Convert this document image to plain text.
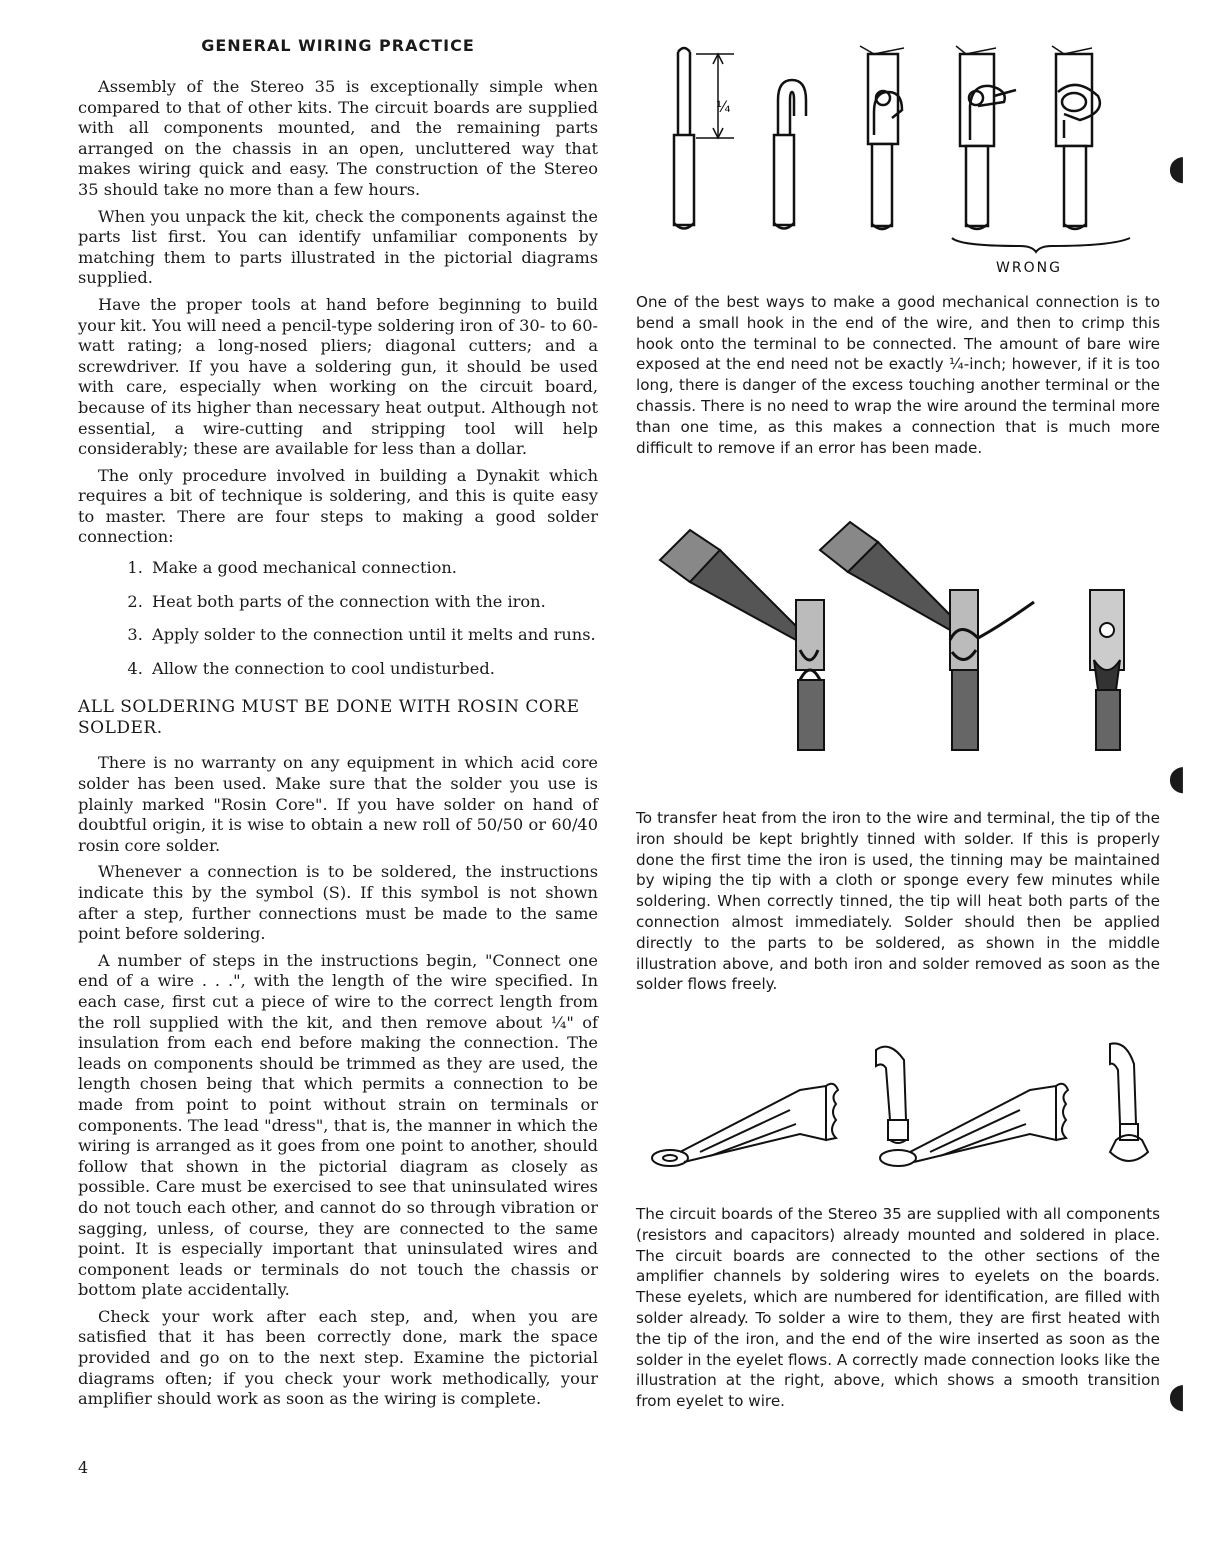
GENERAL WIRING PRACTICE

Assembly of the Stereo 35 is exceptionally simple when compared to that of other kits. The circuit boards are supplied with all components mounted, and the remaining parts arranged on the chassis in an open, uncluttered way that makes wiring quick and easy. The construction of the Stereo 35 should take no more than a few hours.

When you unpack the kit, check the components against the parts list first. You can identify unfamiliar components by matching them to parts illustrated in the pictorial diagrams supplied.

Have the proper tools at hand before beginning to build your kit. You will need a pencil-type soldering iron of 30- to 60-watt rating; a long-nosed pliers; diagonal cutters; and a screwdriver. If you have a soldering gun, it should be used with care, especially when working on the circuit board, because of its higher than necessary heat output. Although not essential, a wire-cutting and stripping tool will help considerably; these are available for less than a dollar.

The only procedure involved in building a Dynakit which requires a bit of technique is soldering, and this is quite easy to master. There are four steps to making a good solder connection:

1. Make a good mechanical connection.
2. Heat both parts of the connection with the iron.
3. Apply solder to the connection until it melts and runs.
4. Allow the connection to cool undisturbed.

ALL SOLDERING MUST BE DONE WITH ROSIN CORE SOLDER.

There is no warranty on any equipment in which acid core solder has been used. Make sure that the solder you use is plainly marked "Rosin Core". If you have solder on hand of doubtful origin, it is wise to obtain a new roll of 50/50 or 60/40 rosin core solder.

Whenever a connection is to be soldered, the instructions indicate this by the symbol (S). If this symbol is not shown after a step, further connections must be made to the same point before soldering.

A number of steps in the instructions begin, "Connect one end of a wire . . .", with the length of the wire specified. In each case, first cut a piece of wire to the correct length from the roll supplied with the kit, and then remove about ¼" of insulation from each end before making the connection. The leads on components should be trimmed as they are used, the length chosen being that which permits a connection to be made from point to point without strain on terminals or components. The lead "dress", that is, the manner in which the wiring is arranged as it goes from one point to another, should follow that shown in the pictorial diagram as closely as possible. Care must be exercised to see that uninsulated wires do not touch each other, and cannot do so through vibration or sagging, unless, of course, they are connected to the same point. It is especially important that uninsulated wires and component leads or terminals do not touch the chassis or bottom plate accidentally.

Check your work after each step, and, when you are satisfied that it has been correctly done, mark the space provided and go on to the next step. Examine the pictorial diagrams often; if you check your work methodically, your amplifier should work as soon as the wiring is complete.

¼
WRONG

One of the best ways to make a good mechanical connection is to bend a small hook in the end of the wire, and then to crimp this hook onto the terminal to be connected. The amount of bare wire exposed at the end need not be exactly ¼-inch; however, if it is too long, there is danger of the excess touching another terminal or the chassis. There is no need to wrap the wire around the terminal more than one time, as this makes a connection that is much more difficult to remove if an error has been made.

To transfer heat from the iron to the wire and terminal, the tip of the iron should be kept brightly tinned with solder. If this is properly done the first time the iron is used, the tinning may be maintained by wiping the tip with a cloth or sponge every few minutes while soldering. When correctly tinned, the tip will heat both parts of the connection almost immediately. Solder should then be applied directly to the parts to be soldered, as shown in the middle illustration above, and both iron and solder removed as soon as the solder flows freely.

The circuit boards of the Stereo 35 are supplied with all components (resistors and capacitors) already mounted and soldered in place. The circuit boards are connected to the other sections of the amplifier channels by soldering wires to eyelets on the boards. These eyelets, which are numbered for identification, are filled with solder already. To solder a wire to them, they are first heated with the tip of the iron, and the end of the wire inserted as soon as the solder in the eyelet flows. A correctly made connection looks like the illustration at the right, above, which shows a smooth transition from eyelet to wire.

4
◖
◖
◖
